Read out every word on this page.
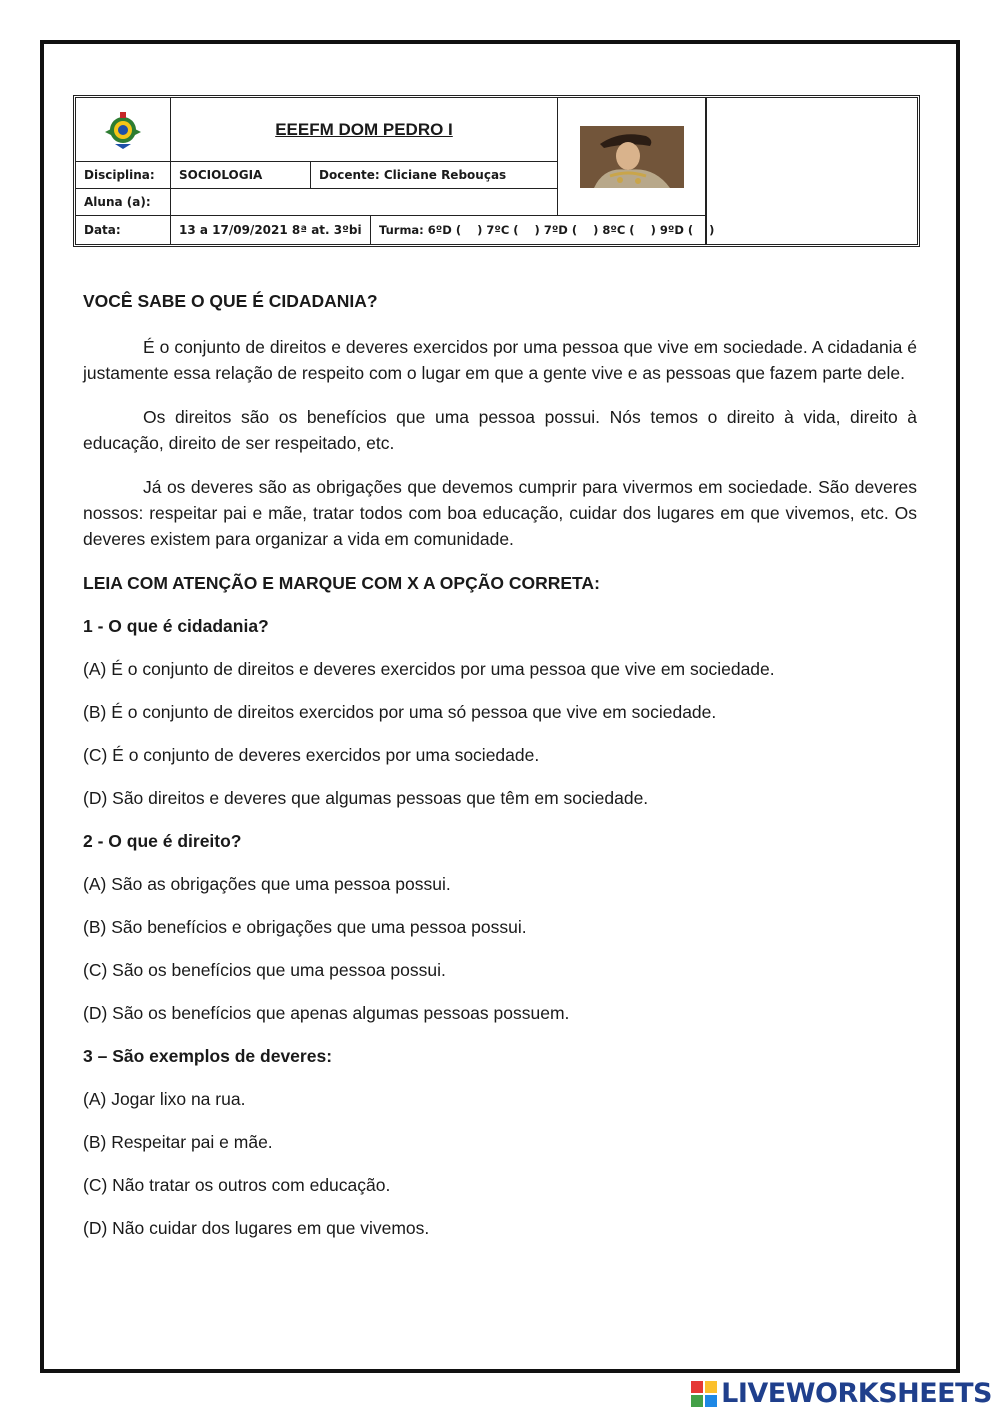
EEEFM DOM PEDRO I
Disciplina:	SOCIOLOGIA	Docente: Cliciane Rebouças
Aluna (a):
Data:	13 a 17/09/2021 8ª at. 3ºbi	Turma: 6ºD (    ) 7ºC (    ) 7ºD (    ) 8ºC (    ) 9ºD (    )

VOCÊ SABE O QUE É CIDADANIA?

É o conjunto de direitos e deveres exercidos por uma pessoa que vive em sociedade. A cidadania é justamente essa relação de respeito com o lugar em que a gente vive e as pessoas que fazem parte dele.

Os direitos são os benefícios que uma pessoa possui. Nós temos o direito à vida, direito à educação, direito de ser respeitado, etc.

Já os deveres são as obrigações que devemos cumprir para vivermos em sociedade. São deveres nossos: respeitar pai e mãe, tratar todos com boa educação, cuidar dos lugares em que vivemos, etc. Os deveres existem para organizar a vida em comunidade.

LEIA COM ATENÇÃO E MARQUE COM X A OPÇÃO CORRETA:

1 - O que é cidadania?

(A) É o conjunto de direitos e deveres exercidos por uma pessoa que vive em sociedade.

(B) É o conjunto de direitos exercidos por uma só pessoa que vive em sociedade.

(C) É o conjunto de deveres exercidos por uma sociedade.

(D) São direitos e deveres que algumas pessoas que têm em sociedade.

2 - O que é direito?

(A) São as obrigações que uma pessoa possui.

(B) São benefícios e obrigações que uma pessoa possui.

(C) São os benefícios que uma pessoa possui.

(D) São os benefícios que apenas algumas pessoas possuem.

3 – São exemplos de deveres:

(A) Jogar lixo na rua.

(B) Respeitar pai e mãe.

(C) Não tratar os outros com educação.

(D) Não cuidar dos lugares em que vivemos.

LIVEWORKSHEETS
